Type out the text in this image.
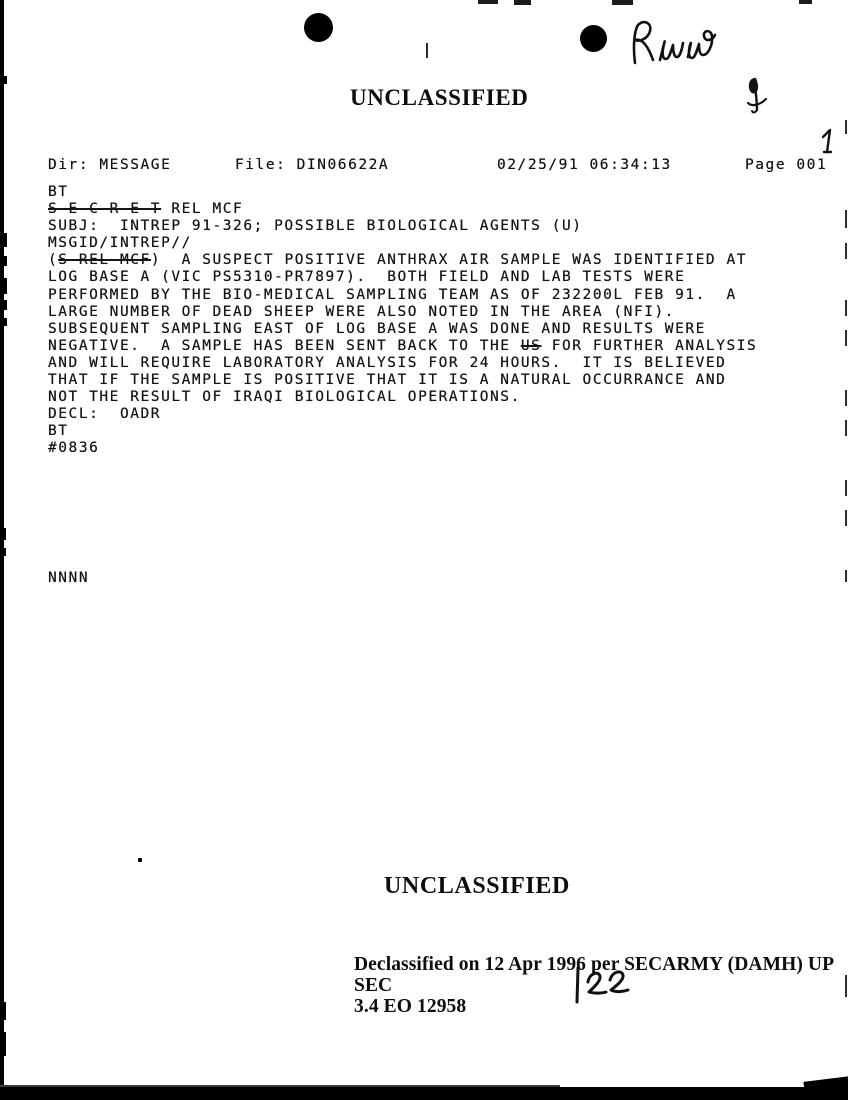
UNCLASSIFIED
Dir: MESSAGE	File: DIN06622A	02/25/91 06:34:13	Page 001
BT
S E C R E T REL MCF
SUBJ:  INTREP 91-326; POSSIBLE BIOLOGICAL AGENTS (U)
MSGID/INTREP//
(S REL MCF)  A SUSPECT POSITIVE ANTHRAX AIR SAMPLE WAS IDENTIFIED AT
LOG BASE A (VIC PS5310-PR7897).  BOTH FIELD AND LAB TESTS WERE
PERFORMED BY THE BIO-MEDICAL SAMPLING TEAM AS OF 232200L FEB 91.  A
LARGE NUMBER OF DEAD SHEEP WERE ALSO NOTED IN THE AREA (NFI).
SUBSEQUENT SAMPLING EAST OF LOG BASE A WAS DONE AND RESULTS WERE
NEGATIVE.  A SAMPLE HAS BEEN SENT BACK TO THE US FOR FURTHER ANALYSIS
AND WILL REQUIRE LABORATORY ANALYSIS FOR 24 HOURS.  IT IS BELIEVED
THAT IF THE SAMPLE IS POSITIVE THAT IT IS A NATURAL OCCURRANCE AND
NOT THE RESULT OF IRAQI BIOLOGICAL OPERATIONS.
DECL:  OADR
BT
#0836
NNNN
UNCLASSIFIED
Declassified on 12 Apr 1996 per SECARMY (DAMH) UP SEC
3.4 EO 12958
